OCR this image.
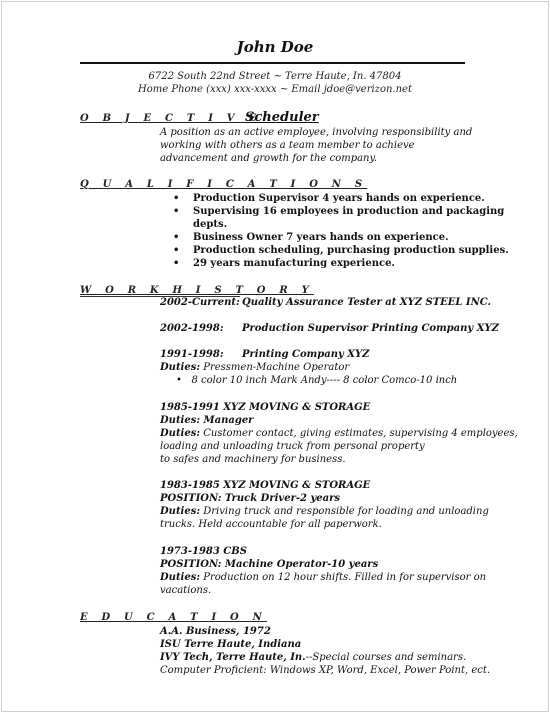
John Doe
6722 South 22nd Street ~ Terre Haute, In. 47804
Home Phone (xxx) xxx-xxxx ~ Email jdoe@verizon.net
O B J E C T I V E
Scheduler
A position as an active employee, involving responsibility and working with others as a team member to achieve advancement and growth for the company.
Q U A L I F I C A T I O N S
• Production Supervisor 4 years hands on experience.
• Supervising 16 employees in production and packaging
depts.
• Business Owner 7 years hands on experience.
• Production scheduling, purchasing production supplies.
• 29 years manufacturing experience.
W O R K H I S T O R Y
2002-Current: Quality Assurance Tester at XYZ STEEL INC.
2002-1998: Production Supervisor Printing Company XYZ
1991-1998: Printing Company XYZ
Duties: Pressmen-Machine Operator
•   8 color 10 inch Mark Andy---- 8 color Comco-10 inch
1985-1991 XYZ MOVING & STORAGE
Duties: Manager
Duties: Customer contact, giving estimates, supervising 4 employees,
loading and unloading truck from personal property
to safes and machinery for business.
1983-1985 XYZ MOVING & STORAGE
POSITION: Truck Driver-2 years
Duties: Driving truck and responsible for loading and unloading
trucks. Held accountable for all paperwork.
1973-1983 CBS
POSITION: Machine Operator-10 years
Duties: Production on 12 hour shifts. Filled in for supervisor on
vacations.
E D U C A T I O N
A.A. Business, 1972
ISU Terre Haute, Indiana
IVY Tech, Terre Haute, In.--Special courses and seminars.
Computer Proficient: Windows XP, Word, Excel, Power Point, ect.
